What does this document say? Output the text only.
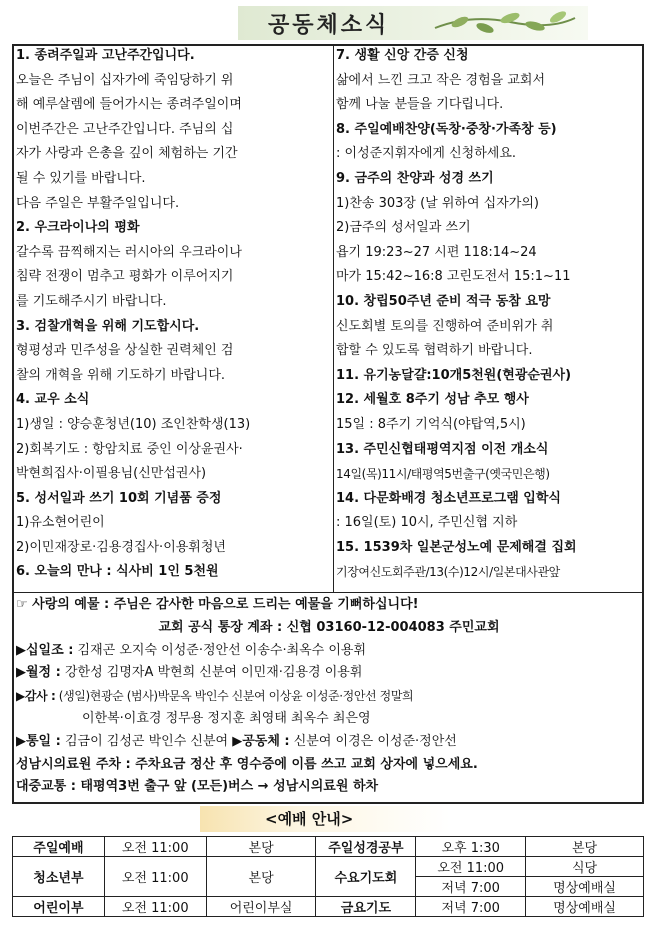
공동체소식
1. 종려주일과 고난주간입니다.
오늘은 주님이 십자가에 죽임당하기 위
해 예루살렘에 들어가시는 종려주일이며
이번주간은 고난주간입니다. 주님의 십
자가 사랑과 은총을 깊이 체험하는 기간
될 수 있기를 바랍니다.
다음 주일은 부활주일입니다.
2. 우크라이나의 평화
갈수록 끔찍해지는 러시아의 우크라이나
침략 전쟁이 멈추고 평화가 이루어지기
를 기도해주시기 바랍니다.
3. 검찰개혁을 위해 기도합시다.
형평성과 민주성을 상실한 권력체인 검
찰의 개혁을 위해 기도하기 바랍니다.
4. 교우 소식
1)생일 : 양승훈청년(10) 조인찬학생(13)
2)회복기도 : 항암치료 중인 이상윤권사·
박현희집사·이필용님(신만섭권사)
5. 성서일과 쓰기 10회 기념품 증정
1)유소현어린이
2)이민재장로·김용경집사·이용휘청년
6. 오늘의 만나 : 식사비 1인 5천원
7. 생활 신앙 간증 신청
삶에서 느낀 크고 작은 경험을 교회서
함께 나눌 분들을 기다립니다.
8. 주일예배찬양(독창·중창·가족창 등)
: 이성준지휘자에게 신청하세요.
9. 금주의 찬양과 성경 쓰기
1)찬송 303장 (날 위하여 십자가의)
2)금주의 성서일과 쓰기
욥기 19:23~27 시편 118:14~24
마가 15:42~16:8 고린도전서 15:1~11
10. 창립50주년 준비 적극 동참 요망
신도회별 토의를 진행하여 준비위가 취
합할 수 있도록 협력하기 바랍니다.
11. 유기농달걀:10개5천원(현광순권사)
12. 세월호 8주기 성남 추모 행사
15일 : 8주기 기억식(야탑역,5시)
13. 주민신협태평역지점 이전 개소식
14일(목)11시/태평역5번출구(옛국민은행)
14. 다문화배경 청소년프로그램 입학식
: 16일(토) 10시, 주민신협 지하
15. 1539차 일본군성노예 문제해결 집회
기장여신도회주관/13(수)12시/일본대사관앞
☞ 사랑의 예물 : 주님은 감사한 마음으로 드리는 예물을 기뻐하십니다!
교회 공식 통장 계좌 : 신협 03160-12-004083 주민교회
▶십일조 : 김재곤 오지숙 이성준·정안선 이송수·최옥수 이용휘
▶월정 : 강한성 김명자A 박현희 신분여 이민재·김용경 이용휘
▶감사 : (생일)현광순 (범사)박문옥 박인수 신분여 이상윤 이성준·정안선 정말희
이한복·이효경 정무용 정지훈 최영태 최옥수 최은영
▶통일 : 김금이 김성곤 박인수 신분여 ▶공동체 : 신분여 이경은 이성준·정안선
성남시의료원 주차 : 주차요금 정산 후 영수증에 이름 쓰고 교회 상자에 넣으세요.
대중교통 : 태평역3번 출구 앞 (모든)버스 → 성남시의료원 하차
<예배 안내>
주일예배	오전 11:00	본당	주일성경공부	오후 1:30	본당
청소년부	오전 11:00	본당	수요기도회	오전 11:00	식당
				저녁 7:00	명상예배실
어린이부	오전 11:00	어린이부실	금요기도	저녁 7:00	명상예배실
